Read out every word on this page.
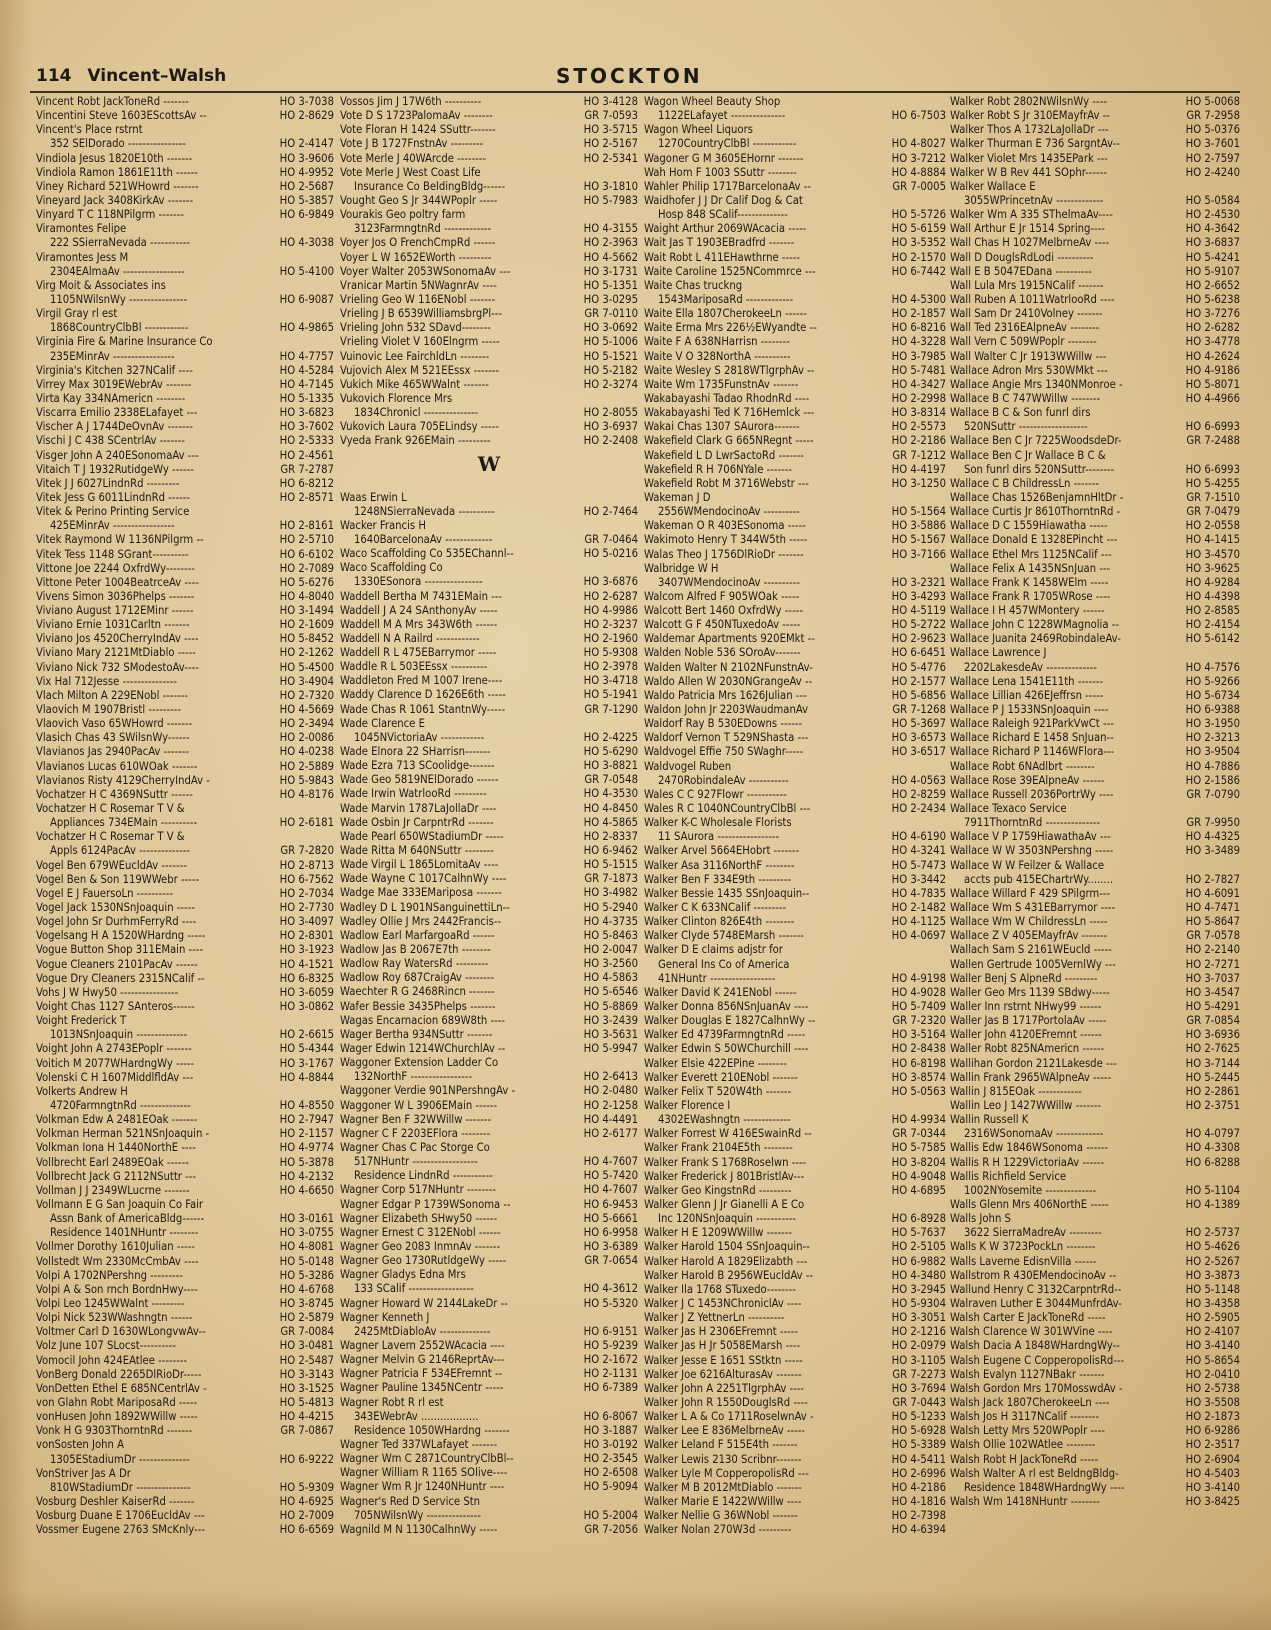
114 Vincent–Walsh	STOCKTON
HO 3-7038
Vincent Robt JackToneRd -------
HO 2-8629
Vincentini Steve 1603EScottsAv --
Vincent's Place rstrnt
HO 2-4147
352 SElDorado ----------------
HO 3-9606
Vindiola Jesus 1820E10th -------
HO 4-9952
Vindiola Ramon 1861E11th ------
HO 2-5687
Viney Richard 521WHowrd -------
HO 5-3857
Vineyard Jack 3408KirkAv -------
HO 6-9849
Vinyard T C 118NPilgrm -------
Viramontes Felipe
HO 4-3038
222 SSierraNevada -----------
Viramontes Jess M
HO 5-4100
2304EAlmaAv -----------------
Virg Moit & Associates ins
HO 6-9087
1105NWilsnWy ----------------
Virgil Gray rl est
HO 4-9865
1868CountryClbBl ------------
Virginia Fire & Marine Insurance Co
HO 4-7757
235EMinrAv -----------------
HO 4-5284
Virginia's Kitchen 327NCalif ----
HO 4-7145
Virrey Max 3019EWebrAv -------
HO 5-1335
Virta Kay 334NAmericn --------
HO 3-6823
Viscarra Emilio 2338ELafayet ---
HO 3-7602
Vischer A J 1744DeOvnAv -------
HO 2-5333
Vischi J C 438 SCentrlAv -------
HO 2-4561
Visger John A 240ESonomaAv ---
GR 7-2787
Vitaich T J 1932RutidgeWy ------
HO 6-8212
Vitek J J 6027LindnRd ---------
HO 2-8571
Vitek Jess G 6011LindnRd ------
Vitek & Perino Printing Service
HO 2-8161
425EMinrAv -----------------
HO 2-5710
Vitek Raymond W 1136NPilgrm --
HO 6-6102
Vitek Tess 1148 SGrant----------
HO 2-7089
Vittone Joe 2244 OxfrdWy--------
HO 5-6276
Vittone Peter 1004BeatrceAv ----
HO 4-8040
Vivens Simon 3036Phelps -------
HO 3-1494
Viviano August 1712EMinr ------
HO 2-1609
Viviano Ernie 1031Carltn -------
HO 5-8452
Viviano Jos 4520CherryIndAv ----
HO 2-1262
Viviano Mary 2121MtDiablo -----
HO 5-4500
Viviano Nick 732 SModestoAv----
HO 3-4904
Vix Hal 712Jesse ---------------
HO 2-7320
Vlach Milton A 229ENobl -------
HO 4-5669
Vlaovich M 1907Bristl ---------
HO 2-3494
Vlaovich Vaso 65WHowrd -------
HO 2-0086
Vlasich Chas 43 SWilsnWy------
HO 4-0238
Vlavianos Jas 2940PacAv -------
HO 2-5889
Vlavianos Lucas 610WOak -------
HO 5-9843
Vlavianos Risty 4129CherryIndAv -
HO 4-8176
Vochatzer H C 4369NSuttr ------
Vochatzer H C Rosemar T V &
HO 2-6181
Appliances 734EMain ----------
Vochatzer H C Rosemar T V &
GR 7-2820
Appls 6124PacAv --------------
HO 2-8713
Vogel Ben 679WEucldAv -------
HO 6-7562
Vogel Ben & Son 119WWebr -----
HO 2-7034
Vogel E J FauersoLn ----------
HO 2-7730
Vogel Jack 1530NSnJoaquin -----
HO 3-4097
Vogel John Sr DurhmFerryRd ----
HO 2-8301
Vogelsang H A 1520WHardng -----
HO 3-1923
Vogue Button Shop 311EMain ----
HO 4-1521
Vogue Cleaners 2101PacAv ------
HO 6-8325
Vogue Dry Cleaners 2315NCalif --
HO 3-6059
Vohs J W Hwy50 ----------------
HO 3-0862
Voight Chas 1127 SAnteros------
Voight Frederick T
HO 2-6615
1013NSnJoaquin --------------
HO 5-4344
Voight John A 2743EPoplr -------
HO 3-1767
Voitich M 2077WHardngWy -----
HO 4-8844
Volenski C H 1607MiddlfldAv ---
Volkerts Andrew H
HO 4-8550
4720FarmngtnRd --------------
HO 2-7947
Volkman Edw A 2481EOak -------
HO 2-1157
Volkman Herman 521NSnJoaquin -
HO 4-9774
Volkman Iona H 1440NorthE ----
HO 5-3878
Vollbrecht Earl 2489EOak ------
HO 4-2132
Vollbrecht Jack G 2112NSuttr ---
HO 4-6650
Vollman J J 2349WLucrne -------
Vollmann E G San Joaquin Co Fair
HO 3-0161
Assn Bank of AmericaBldg------
HO 3-0755
Residence 1401NHuntr --------
HO 4-8081
Vollmer Dorothy 1610Julian -----
HO 5-0148
Vollstedt Wm 2330McCmbAv ----
HO 5-3286
Volpi A 1702NPershng ---------
HO 4-6768
Volpi A & Son rnch BordnHwy----
HO 3-8745
Volpi Leo 1245WWalnt ---------
HO 2-5879
Volpi Nick 523WWashngtn ------
GR 7-0084
Voltmer Carl D 1630WLongvwAv--
HO 3-0481
Volz June 107 SLocst----------
HO 2-5487
Vomocil John 424EAtlee --------
HO 3-3143
VonBerg Donald 2265DlRioDr-----
HO 3-1525
VonDetten Ethel E 685NCentrlAv -
HO 5-4813
von Glahn Robt MariposaRd -----
HO 4-4215
vonHusen John 1892WWillw -----
GR 7-0867
Vonk H G 9303ThorntnRd -------
vonSosten John A
HO 6-9222
1305EStadiumDr --------------
VonStriver Jas A Dr
HO 5-9309
810WStadiumDr ---------------
HO 4-6925
Vosburg Deshler KaiserRd -------
HO 2-7009
Vosburg Duane E 1706EucldAv ---
HO 6-6569
Vossmer Eugene 2763 SMcKnly---
HO 3-4128
Vossos Jim J 17W6th ----------
GR 7-0593
Vote D S 1723PalomaAv --------
HO 3-5715
Vote Floran H 1424 SSuttr-------
HO 2-5167
Vote J B 1727FnstnAv ---------
HO 2-5341
Vote Merle J 40WArcde --------
Vote Merle J West Coast Life
HO 3-1810
Insurance Co BeldingBldg------
HO 5-7983
Vought Geo S Jr 344WPoplr -----
Vourakis Geo poltry farm
HO 4-3155
3123FarmngtnRd -------------
HO 2-3963
Voyer Jos O FrenchCmpRd ------
HO 4-5662
Voyer L W 1652EWorth ---------
HO 3-1731
Voyer Walter 2053WSonomaAv ---
HO 5-1351
Vranicar Martin 5NWagnrAv ----
HO 3-0295
Vrieling Geo W 116ENobl -------
GR 7-0110
Vrieling J B 6539WilliamsbrgPl---
HO 3-0692
Vrieling John 532 SDavd--------
HO 5-1006
Vrieling Violet V 160Elngrm -----
HO 5-1521
Vuinovic Lee FairchldLn --------
HO 5-2182
Vujovich Alex M 521EEssx -------
HO 2-3274
Vukich Mike 465WWalnt -------
Vukovich Florence Mrs
HO 2-8055
1834Chronicl ---------------
HO 3-6937
Vukovich Laura 705ELindsy -----
HO 2-2408
Vyeda Frank 926EMain ---------
W
Waas Erwin L
HO 2-7464
1248NSierraNevada ----------
Wacker Francis H
GR 7-0464
1640BarcelonaAv -------------
HO 5-0216
Waco Scaffolding Co 535EChannl--
Waco Scaffolding Co
HO 3-6876
1330ESonora ----------------
HO 2-6287
Waddell Bertha M 7431EMain ---
HO 4-9986
Waddell J A 24 SAnthonyAv -----
HO 2-3237
Waddell M A Mrs 343W6th ------
HO 2-1960
Waddell N A Railrd ------------
HO 5-9308
Waddell R L 475EBarrymor -----
HO 2-3978
Waddle R L 503EEssx ----------
HO 3-4718
Waddleton Fred M 1007 Irene----
HO 5-1941
Waddy Clarence D 1626E6th -----
GR 7-1290
Wade Chas R 1061 StantnWy-----
Wade Clarence E
HO 2-4225
1045NVictoriaAv ------------
HO 5-6290
Wade Elnora 22 SHarrisn-------
HO 3-8821
Wade Ezra 713 SCoolidge-------
GR 7-0548
Wade Geo 5819NElDorado ------
HO 4-3530
Wade Irwin WatrlooRd ---------
HO 4-8450
Wade Marvin 1787LaJollaDr ----
HO 4-5865
Wade Osbin Jr CarpntrRd -------
HO 2-8337
Wade Pearl 650WStadiumDr -----
HO 6-9462
Wade Ritta M 640NSuttr --------
HO 5-1515
Wade Virgil L 1865LomitaAv ----
GR 7-1873
Wade Wayne C 1017CalhnWy ----
HO 3-4982
Wadge Mae 333EMariposa -------
HO 5-2940
Wadley D L 1901NSanguinettiLn--
HO 4-3735
Wadley Ollie J Mrs 2442Francis--
HO 5-8463
Wadlow Earl MarfargoaRd ------
HO 2-0047
Wadlow Jas B 2067E7th --------
HO 3-2560
Wadlow Ray WatersRd ---------
HO 4-5863
Wadlow Roy 687CraigAv --------
HO 5-6546
Waechter R G 2468Rincn -------
HO 5-8869
Wafer Bessie 3435Phelps -------
HO 3-2439
Wagas Encarnacion 689W8th ----
HO 3-5631
Wager Bertha 934NSuttr -------
HO 5-9947
Wager Edwin 1214WChurchlAv --
Waggoner Extension Ladder Co
HO 2-6413
132NorthF -----------------
HO 2-0480
Waggoner Verdie 901NPershngAv -
HO 2-1258
Waggoner W L 3906EMain ------
HO 4-4491
Wagner Ben F 32WWillw -------
HO 2-6177
Wagner C F 2203EFlora --------
Wagner Chas C Pac Storge Co
HO 4-7607
517NHuntr ------------------
HO 5-7420
Residence LindnRd -----------
HO 4-7607
Wagner Corp 517NHuntr --------
HO 6-9453
Wagner Edgar P 1739WSonoma --
HO 5-6661
Wagner Elizabeth SHwy50 ------
HO 6-9958
Wagner Ernest C 312ENobl ------
HO 3-6389
Wagner Geo 2083 InmnAv -------
GR 7-0654
Wagner Geo 1730RutldgeWy -----
Wagner Gladys Edna Mrs
HO 4-3612
133 SCalif ------------------
HO 5-5320
Wagner Howard W 2144LakeDr --
Wagner Kenneth J
HO 6-9151
2425MtDiabloAv --------------
HO 5-9239
Wagner Lavern 2552WAcacia ----
HO 2-1672
Wagner Melvin G 2146ReprtAv---
HO 2-1131
Wagner Patricia F 534EFremnt --
HO 6-7389
Wagner Pauline 1345NCentr -----
Wagner Robt R rl est
HO 6-8067
343EWebrAv ..................
HO 3-1887
Residence 1050WHardng -------
HO 3-0192
Wagner Ted 337WLafayet -------
HO 2-3545
Wagner Wm C 2871CountryClbBl--
HO 2-6508
Wagner William R 1165 SOlive----
HO 5-9094
Wagner Wm R Jr 1240NHuntr ----
Wagner's Red D Service Stn
HO 5-2004
705NWilsnWy ---------------
GR 7-2056
Wagnild M N 1130CalhnWy -----
Wagon Wheel Beauty Shop
HO 6-7503
1122ELafayet ---------------
Wagon Wheel Liquors
HO 4-8027
1270CountryClbBl ------------
HO 3-7212
Wagoner G M 3605EHornr -------
HO 4-8884
Wah Hom F 1003 SSuttr --------
GR 7-0005
Wahler Philip 1717BarcelonaAv --
Waidhofer J J Dr Calif Dog & Cat
HO 5-5726
Hosp 848 SCalif--------------
HO 5-6159
Waight Arthur 2069WAcacia -----
HO 3-5352
Wait Jas T 1903EBradfrd -------
HO 2-1570
Wait Robt L 411EHawthrne -----
HO 6-7442
Waite Caroline 1525NCommrce ---
Waite Chas truckng
HO 4-5300
1543MariposaRd -------------
HO 2-1857
Waite Ella 1807CherokeeLn ------
HO 6-8216
Waite Erma Mrs 226½EWyandte --
HO 4-3228
Waite F A 638NHarrisn --------
HO 3-7985
Waite V O 328NorthA ----------
HO 5-7481
Waite Wesley S 2818WTlgrphAv --
HO 4-3427
Waite Wm 1735FunstnAv -------
HO 2-2998
Wakabayashi Tadao RhodnRd ----
HO 3-8314
Wakabayashi Ted K 716Hemlck ---
HO 2-5573
Wakai Chas 1307 SAurora-------
HO 2-2186
Wakefield Clark G 665NRegnt -----
GR 7-1212
Wakefield L D LwrSactoRd -------
HO 4-4197
Wakefield R H 706NYale -------
HO 3-1250
Wakefield Robt M 3716Webstr ---
Wakeman J D
HO 5-1564
2556WMendocinoAv ----------
HO 3-5886
Wakeman O R 403ESonoma -----
HO 5-1567
Wakimoto Henry T 344W5th -----
HO 3-7166
Walas Theo J 1756DlRioDr -------
Walbridge W H
HO 3-2321
3407WMendocinoAv ----------
HO 3-4293
Walcom Alfred F 905WOak -----
HO 4-5119
Walcott Bert 1460 OxfrdWy -----
HO 5-2722
Walcott G F 450NTuxedoAv -----
HO 2-9623
Waldemar Apartments 920EMkt --
HO 6-6451
Walden Noble 536 SOroAv-------
HO 5-4776
Walden Walter N 2102NFunstnAv-
HO 2-1577
Waldo Allen W 2030NGrangeAv --
HO 5-6856
Waldo Patricia Mrs 1626Julian ---
GR 7-1268
Waldon John Jr 2203WaudmanAv
HO 5-3697
Waldorf Ray B 530EDowns ------
HO 3-6573
Waldorf Vernon T 529NShasta ---
HO 3-6517
Waldvogel Effie 750 SWaghr-----
Waldvogel Ruben
HO 4-0563
2470RobindaleAv -----------
HO 2-8259
Wales C C 927Flowr -----------
HO 2-2434
Wales R C 1040NCountryClbBl ---
Walker K-C Wholesale Florists
HO 4-6190
11 SAurora -----------------
HO 4-3241
Walker Arvel 5664EHobrt -------
HO 5-7473
Walker Asa 3116NorthF --------
HO 3-3442
Walker Ben F 334E9th ---------
HO 4-7835
Walker Bessie 1435 SSnJoaquin--
HO 2-1482
Walker C K 633NCalif ---------
HO 4-1125
Walker Clinton 826E4th --------
HO 4-0697
Walker Clyde 5748EMarsh -------
Walker D E claims adjstr for
General Ins Co of America
HO 4-9198
41NHuntr ------------------
HO 4-9028
Walker David K 241ENobl ------
HO 5-7409
Walker Donna 856NSnJuanAv ----
GR 7-2320
Walker Douglas E 1827CalhnWy --
HO 3-5164
Walker Ed 4739FarmngtnRd -----
HO 2-8438
Walker Edwin S 50WChurchill ----
HO 6-8198
Walker Elsie 422EPine --------
HO 3-8574
Walker Everett 210ENobl -------
HO 5-0563
Walker Felix T 520W4th -------
Walker Florence I
HO 4-9934
4302EWashngtn -------------
GR 7-0344
Walker Forrest W 416ESwainRd --
HO 5-7585
Walker Frank 2104E5th --------
HO 3-8204
Walker Frank S 1768Roselwn ----
HO 4-9048
Walker Frederick J 801BristlAv---
HO 4-6895
Walker Geo KingstnRd ---------
Walker Glenn J Jr Gianelli A E Co
HO 6-8928
Inc 120NSnJoaquin -----------
HO 5-7637
Walker H E 1209WWillw -------
HO 2-5105
Walker Harold 1504 SSnJoaquin--
HO 6-9882
Walker Harold A 1829Elizabth ---
HO 4-3480
Walker Harold B 2956WEucldAv --
HO 3-2945
Walker Ila 1768 STuxedo--------
HO 5-9304
Walker J C 1453NChroniclAv ----
HO 3-3051
Walker J Z YettnerLn ----------
HO 2-1216
Walker Jas H 2306EFremnt -----
HO 2-0979
Walker Jas H Jr 5058EMarsh ----
HO 3-1105
Walker Jesse E 1651 SStktn -----
GR 7-2273
Walker Joe 6216AlturasAv -------
HO 3-7694
Walker John A 2251TlgrphAv ----
GR 7-0443
Walker John R 1550DouglsRd ----
HO 5-1233
Walker L A & Co 1711RoselwnAv -
HO 5-6928
Walker Lee E 836MelbrneAv -----
HO 5-3389
Walker Leland F 515E4th -------
HO 4-5411
Walker Lewis 2130 Scribnr-------
HO 2-6996
Walker Lyle M CopperopolisRd ---
HO 4-2186
Walker M B 2012MtDiablo -------
HO 4-1816
Walker Marie E 1422WWillw ----
HO 2-7398
Walker Nellie G 36WNobl -------
HO 4-6394
Walker Nolan 270W3d ---------
HO 5-0068
Walker Robt 2802NWilsnWy ----
GR 7-2958
Walker Robt S Jr 310EMayfrAv --
HO 5-0376
Walker Thos A 1732LaJollaDr ---
HO 3-7601
Walker Thurman E 736 SargntAv--
HO 2-7597
Walker Violet Mrs 1435EPark ---
HO 2-4240
Walker W B Rev 441 SOphr------
Walker Wallace E
HO 5-0584
3055WPrincetnAv -------------
HO 2-4530
Walker Wm A 335 SThelmaAv----
HO 4-3642
Wall Arthur E Jr 1514 Spring----
HO 3-6837
Wall Chas H 1027MelbrneAv ----
HO 5-4241
Wall D DouglsRdLodi ----------
HO 5-9107
Wall E B 5047EDana ----------
HO 2-6652
Wall Lula Mrs 1915NCalif -------
HO 5-6238
Wall Ruben A 1011WatrlooRd ----
HO 3-7276
Wall Sam Dr 2410Volney -------
HO 2-6282
Wall Ted 2316EAlpneAv --------
HO 3-4778
Wall Vern C 509WPoplr --------
HO 4-2624
Wall Walter C Jr 1913WWillw ---
HO 4-9186
Wallace Adron Mrs 530WMkt ---
HO 5-8071
Wallace Angie Mrs 1340NMonroe -
HO 4-4966
Wallace B C 747WWillw --------
Wallace B C & Son funrl dirs
HO 6-6993
520NSuttr -------------------
GR 7-2488
Wallace Ben C Jr 7225WoodsdeDr-
Wallace Ben C Jr Wallace B C &
HO 6-6993
Son funrl dirs 520NSuttr--------
HO 5-4255
Wallace C B ChildressLn -------
GR 7-1510
Wallace Chas 1526BenjamnHltDr -
GR 7-0479
Wallace Curtis Jr 8610ThorntnRd -
HO 2-0558
Wallace D C 1559Hiawatha -----
HO 4-1415
Wallace Donald E 1328EPincht ---
HO 3-4570
Wallace Ethel Mrs 1125NCalif ---
HO 3-9625
Wallace Felix A 1435NSnJuan ---
HO 4-9284
Wallace Frank K 1458WElm -----
HO 4-4398
Wallace Frank R 1705WRose ----
HO 2-8585
Wallace I H 457WMontery ------
HO 2-4154
Wallace John C 1228WMagnolia --
HO 5-6142
Wallace Juanita 2469RobindaleAv-
Wallace Lawrence J
HO 4-7576
2202LakesdeAv --------------
HO 5-9266
Wallace Lena 1541E11th -------
HO 5-6734
Wallace Lillian 426EJeffrsn -----
HO 6-9388
Wallace P J 1533NSnJoaquin ----
HO 3-1950
Wallace Raleigh 921ParkVwCt ---
HO 2-3213
Wallace Richard E 1458 SnJuan--
HO 3-9504
Wallace Richard P 1146WFlora---
HO 4-7886
Wallace Robt 6NAdlbrt --------
HO 2-1586
Wallace Rose 39EAlpneAv ------
GR 7-0790
Wallace Russell 2036PortrWy ----
Wallace Texaco Service
GR 7-9950
7911ThorntnRd ---------------
HO 4-4325
Wallace V P 1759HiawathaAv ---
HO 3-3489
Wallace W W 3503NPershng -----
Wallace W W Feilzer & Wallace
HO 2-7827
accts pub 415EChartrWy........
HO 4-6091
Wallace Willard F 429 SPilgrm---
HO 4-7471
Wallace Wm S 431EBarrymor ----
HO 5-8647
Wallace Wm W ChildressLn -----
GR 7-0578
Wallace Z V 405EMayfrAv -------
HO 2-2140
Wallach Sam S 2161WEucld -----
HO 2-7271
Wallen Gertrude 1005VernlWy ---
HO 3-7037
Waller Benj S AlpneRd ---------
HO 3-4547
Waller Geo Mrs 1139 SBdwy-----
HO 5-4291
Waller Inn rstrnt NHwy99 ------
GR 7-0854
Waller Jas B 1717PortolaAv -----
HO 3-6936
Waller John 4120EFremnt ------
HO 2-7625
Waller Robt 825NAmericn ------
HO 3-7144
Wallihan Gordon 2121Lakesde ---
HO 5-2445
Wallin Frank 2965WAlpneAv -----
HO 2-2861
Wallin J 815EOak ------------
HO 2-3751
Wallin Leo J 1427WWillw -------
Wallin Russell K
HO 4-0797
2316WSonomaAv -------------
HO 4-3308
Wallis Edw 1846WSonoma ------
HO 6-8288
Wallis R H 1229VictoriaAv ------
Wallis Richfield Service
HO 5-1104
1002NYosemite --------------
HO 4-1389
Walls Glenn Mrs 406NorthE -----
Walls John S
HO 2-5737
3622 SierraMadreAv ---------
HO 5-4626
Walls K W 3723PockLn --------
HO 2-5267
Walls Laverne EdisnVilla ------
HO 3-3873
Wallstrom R 430EMendocinoAv --
HO 5-1148
Wallund Henry C 3132CarpntrRd--
HO 3-4358
Walraven Luther E 3044MunfrdAv-
HO 2-5905
Walsh Carter E JackToneRd -----
HO 2-4107
Walsh Clarence W 301WVine ----
HO 3-4140
Walsh Dacia A 1848WHardngWy--
HO 5-8654
Walsh Eugene C CopperopolisRd---
HO 2-0410
Walsh Evalyn 1127NBakr -------
HO 2-5738
Walsh Gordon Mrs 170MosswdAv -
HO 3-5508
Walsh Jack 1807CherokeeLn ----
HO 2-1873
Walsh Jos H 3117NCalif --------
HO 6-9286
Walsh Letty Mrs 520WPoplr ----
HO 2-3517
Walsh Ollie 102WAtlee --------
HO 2-6904
Walsh Robt H JackToneRd -----
HO 4-5403
Walsh Walter A rl est BeldngBldg-
HO 3-4140
Residence 1848WHardngWy ----
HO 3-8425
Walsh Wm 1418NHuntr --------
